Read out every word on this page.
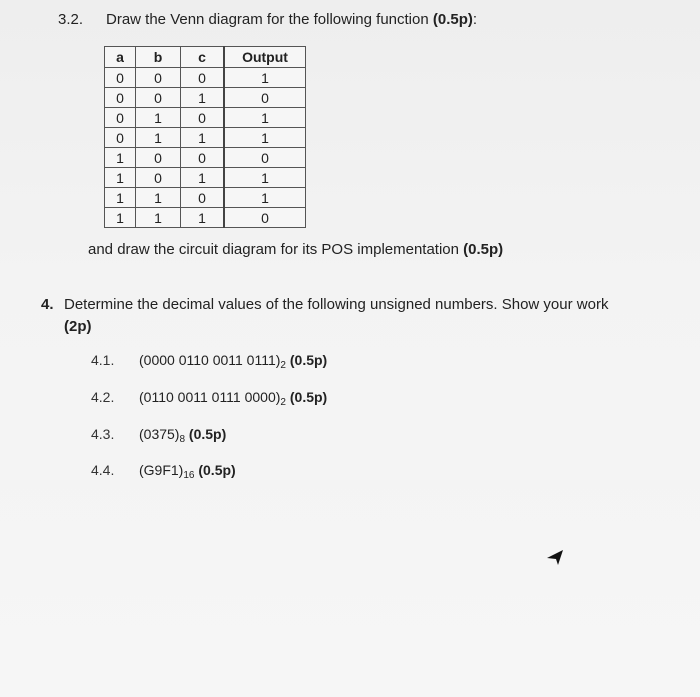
3.2. Draw the Venn diagram for the following function (0.5p):
a	b	c	Output
0	0	0	1
0	0	1	0
0	1	0	1
0	1	1	1
1	0	0	0
1	0	1	1
1	1	0	1
1	1	1	0
and draw the circuit diagram for its POS implementation (0.5p)
4. Determine the decimal values of the following unsigned numbers. Show your work
(2p)
4.1. (0000 0110 0011 $0111)_2$ (0.5p)
4.2. (0110 0011 0111 $0000)_2$ (0.5p)
4.3. $(0375)_8$ (0.5p)
4.4. $(G9F1)_{16}$ (0.5p)
